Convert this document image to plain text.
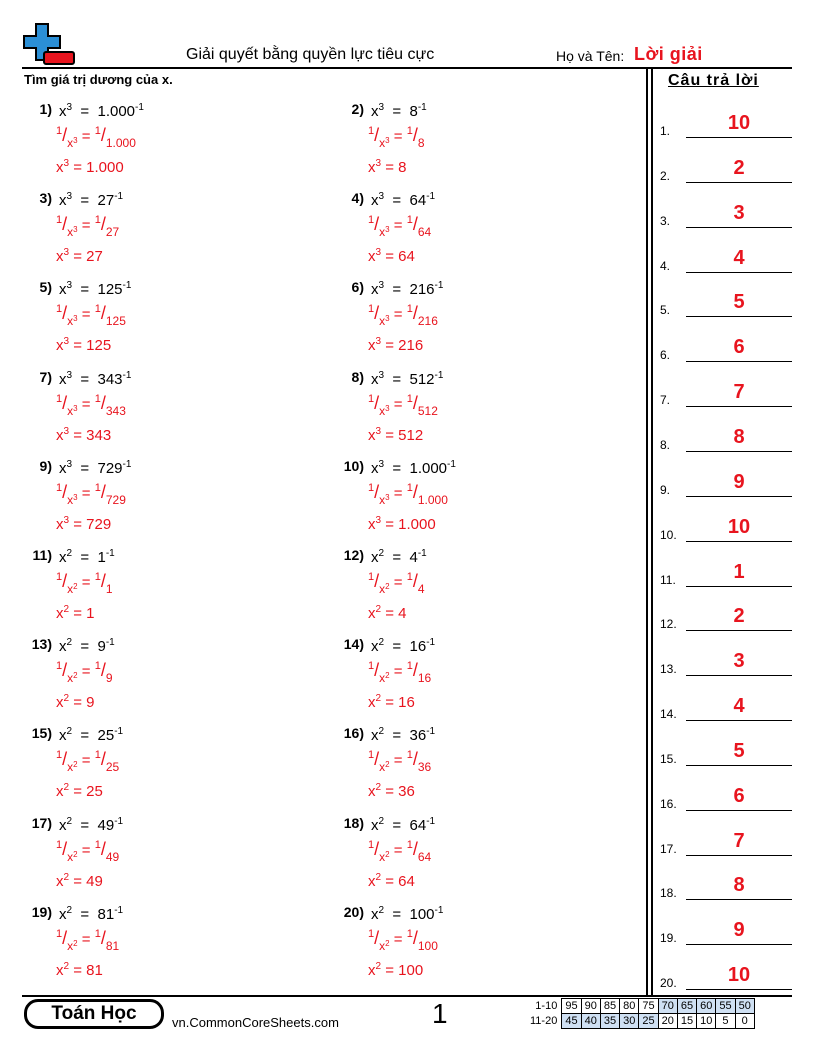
Giải quyết bằng quyền lực tiêu cực	Họ và Tên: Lời giải
Tìm giá trị dương của x.
1) $x^3 = 1.000^{-1}$
$^1/_{x^3} = ^1/_{1.000}$
$x^3 = 1.000$
2) $x^3 = 8^{-1}$
$^1/_{x^3} = ^1/_8$
$x^3 = 8$
3) $x^3 = 27^{-1}$
$^1/_{x^3} = ^1/_{27}$
$x^3 = 27$
4) $x^3 = 64^{-1}$
$^1/_{x^3} = ^1/_{64}$
$x^3 = 64$
5) $x^3 = 125^{-1}$
$^1/_{x^3} = ^1/_{125}$
$x^3 = 125$
6) $x^3 = 216^{-1}$
$^1/_{x^3} = ^1/_{216}$
$x^3 = 216$
7) $x^3 = 343^{-1}$
$^1/_{x^3} = ^1/_{343}$
$x^3 = 343$
8) $x^3 = 512^{-1}$
$^1/_{x^3} = ^1/_{512}$
$x^3 = 512$
9) $x^3 = 729^{-1}$
$^1/_{x^3} = ^1/_{729}$
$x^3 = 729$
10) $x^3 = 1.000^{-1}$
$^1/_{x^3} = ^1/_{1.000}$
$x^3 = 1.000$
11) $x^2 = 1^{-1}$
$^1/_{x^2} = ^1/_1$
$x^2 = 1$
12) $x^2 = 4^{-1}$
$^1/_{x^2} = ^1/_4$
$x^2 = 4$
13) $x^2 = 9^{-1}$
$^1/_{x^2} = ^1/_9$
$x^2 = 9$
14) $x^2 = 16^{-1}$
$^1/_{x^2} = ^1/_{16}$
$x^2 = 16$
15) $x^2 = 25^{-1}$
$^1/_{x^2} = ^1/_{25}$
$x^2 = 25$
16) $x^2 = 36^{-1}$
$^1/_{x^2} = ^1/_{36}$
$x^2 = 36$
17) $x^2 = 49^{-1}$
$^1/_{x^2} = ^1/_{49}$
$x^2 = 49$
18) $x^2 = 64^{-1}$
$^1/_{x^2} = ^1/_{64}$
$x^2 = 64$
19) $x^2 = 81^{-1}$
$^1/_{x^2} = ^1/_{81}$
$x^2 = 81$
20) $x^2 = 100^{-1}$
$^1/_{x^2} = ^1/_{100}$
$x^2 = 100$
Câu trả lời
1.	10
2.	2
3.	3
4.	4
5.	5
6.	6
7.	7
8.	8
9.	9
10.	10
11.	1
12.	2
13.	3
14.	4
15.	5
16.	6
17.	7
18.	8
19.	9
20.	10
Toán Học	vn.CommonCoreSheets.com	1	1-10	95	90	85	80	75	70	65	60	55	50
11-20	45	40	35	30	25	20	15	10	5	0
